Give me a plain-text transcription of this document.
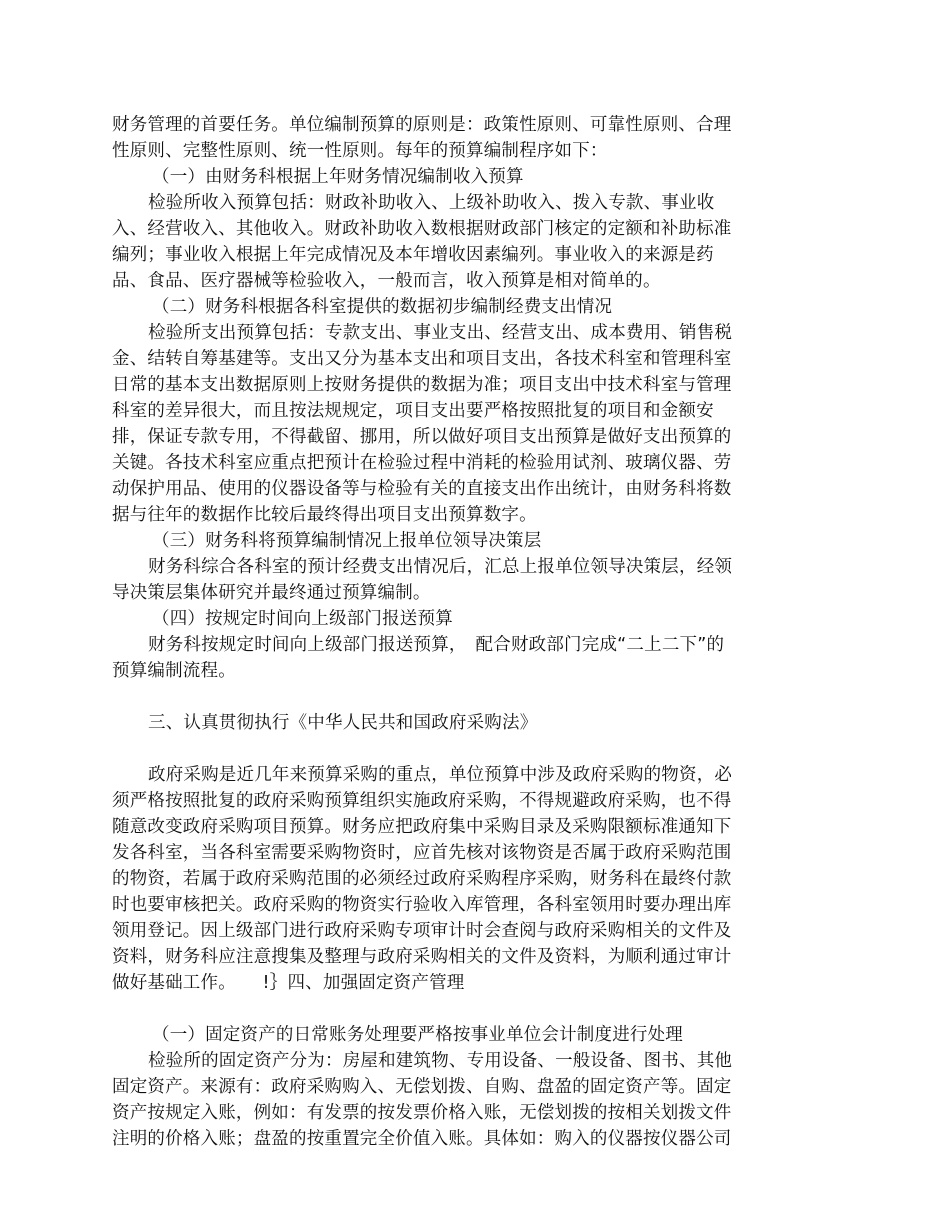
财务管理的首要任务。单位编制预算的原则是：政策性原则、可靠性原则、合理
性原则、完整性原则、统一性原则。每年的预算编制程序如下：
（一）由财务科根据上年财务情况编制收入预算
检验所收入预算包括：财政补助收入、上级补助收入、拨入专款、事业收
入、经营收入、其他收入。财政补助收入数根据财政部门核定的定额和补助标准
编列；事业收入根据上年完成情况及本年增收因素编列。事业收入的来源是药
品、食品、医疗器械等检验收入，一般而言，收入预算是相对简单的。
（二）财务科根据各科室提供的数据初步编制经费支出情况
检验所支出预算包括：专款支出、事业支出、经营支出、成本费用、销售税
金、结转自筹基建等。支出又分为基本支出和项目支出，各技术科室和管理科室
日常的基本支出数据原则上按财务提供的数据为准；项目支出中技术科室与管理
科室的差异很大，而且按法规规定，项目支出要严格按照批复的项目和金额安
排，保证专款专用，不得截留、挪用，所以做好项目支出预算是做好支出预算的
关键。各技术科室应重点把预计在检验过程中消耗的检验用试剂、玻璃仪器、劳
动保护用品、使用的仪器设备等与检验有关的直接支出作出统计，由财务科将数
据与往年的数据作比较后最终得出项目支出预算数字。
（三）财务科将预算编制情况上报单位领导决策层
财务科综合各科室的预计经费支出情况后，汇总上报单位领导决策层，经领
导决策层集体研究并最终通过预算编制。
（四）按规定时间向上级部门报送预算
财务科按规定时间向上级部门报送预算，　配合财政部门完成“二上二下”的
预算编制流程。
三、认真贯彻执行《中华人民共和国政府采购法》
政府采购是近几年来预算采购的重点，单位预算中涉及政府采购的物资，必
须严格按照批复的政府采购预算组织实施政府采购，不得规避政府采购，也不得
随意改变政府采购项目预算。财务应把政府集中采购目录及采购限额标准通知下
发各科室，当各科室需要采购物资时，应首先核对该物资是否属于政府采购范围
的物资，若属于政府采购范围的必须经过政府采购程序采购，财务科在最终付款
时也要审核把关。政府采购的物资实行验收入库管理，各科室领用时要办理出库
领用登记。因上级部门进行政府采购专项审计时会查阅与政府采购相关的文件及
资料，财务科应注意搜集及整理与政府采购相关的文件及资料，为顺利通过审计
做好基础工作。　　!｝四、加强固定资产管理
（一）固定资产的日常账务处理要严格按事业单位会计制度进行处理
检验所的固定资产分为：房屋和建筑物、专用设备、一般设备、图书、其他
固定资产。来源有：政府采购购入、无偿划拨、自购、盘盈的固定资产等。固定
资产按规定入账，例如：有发票的按发票价格入账，无偿划拨的按相关划拨文件
注明的价格入账；盘盈的按重置完全价值入账。具体如：购入的仪器按仪器公司
